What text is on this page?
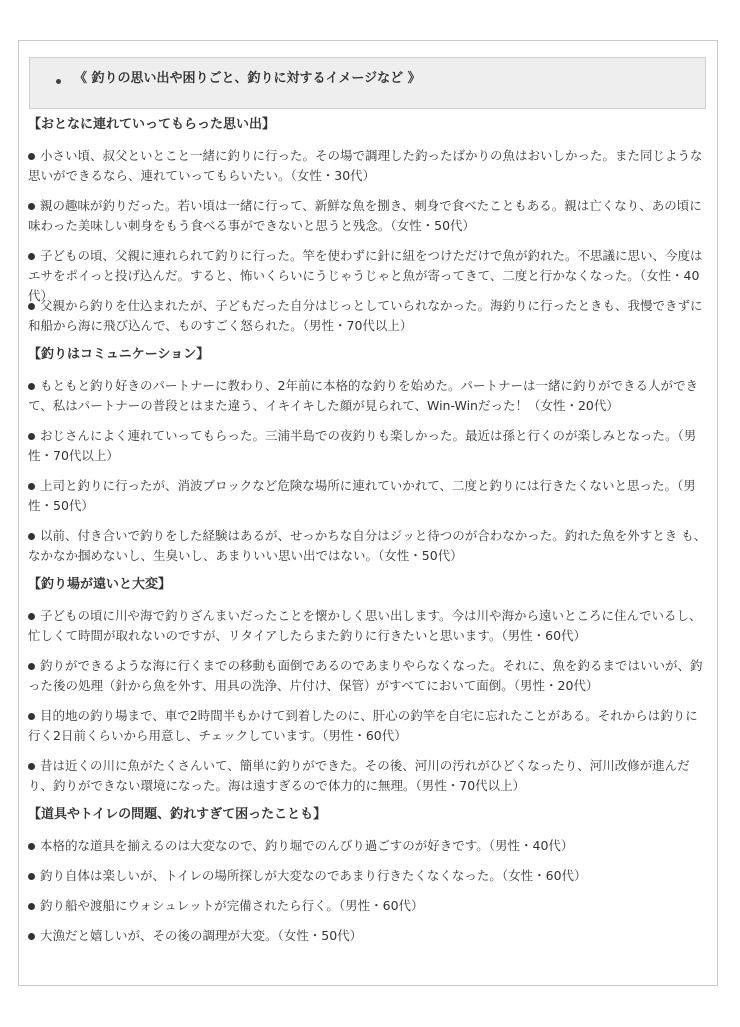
《 釣りの思い出や困りごと、釣りに対するイメージなど 》
【おとなに連れていってもらった思い出】

小さい頃、叔父といとこと一緒に釣りに行った。その場で調理した釣ったばかりの魚はおいしかった。また同じような思いができるなら、連れていってもらいたい。（女性・30代）

親の趣味が釣りだった。若い頃は一緒に行って、新鮮な魚を捌き、刺身で食べたこともある。親は亡くなり、あの頃に味わった美味しい刺身をもう食べる事ができないと思うと残念。（女性・50代）

子どもの頃、父親に連れられて釣りに行った。竿を使わずに針に紐をつけただけで魚が釣れた。不思議に思い、今度はエサをポイっと投げ込んだ。すると、怖いくらいにうじゃうじゃと魚が寄ってきて、二度と行かなくなった。（女性・40代）

父親から釣りを仕込まれたが、子どもだった自分はじっとしていられなかった。海釣りに行ったときも、我慢できずに和船から海に飛び込んで、ものすごく怒られた。（男性・70代以上）

【釣りはコミュニケーション】

もともと釣り好きのパートナーに教わり、2年前に本格的な釣りを始めた。パートナーは一緒に釣りができる人ができて、私はパートナーの普段とはまた違う、イキイキした顔が見られて、Win-Winだった！（女性・20代）

おじさんによく連れていってもらった。三浦半島での夜釣りも楽しかった。最近は孫と行くのが楽しみとなった。（男性・70代以上）

上司と釣りに行ったが、消波ブロックなど危険な場所に連れていかれて、二度と釣りには行きたくないと思った。（男性・50代）

以前、付き合いで釣りをした経験はあるが、せっかちな自分はジッと待つのが合わなかった。釣れた魚を外すとき も、なかなか掴めないし、生臭いし、あまりいい思い出ではない。（女性・50代）

【釣り場が遠いと大変】

子どもの頃に川や海で釣りざんまいだったことを懐かしく思い出します。今は川や海から遠いところに住んでいるし、忙しくて時間が取れないのですが、リタイアしたらまた釣りに行きたいと思います。（男性・60代）

釣りができるような海に行くまでの移動も面倒であるのであまりやらなくなった。それに、魚を釣るまではいいが、釣った後の処理（針から魚を外す、用具の洗浄、片付け、保管）がすべてにおいて面倒。（男性・20代）

目的地の釣り場まで、車で2時間半もかけて到着したのに、肝心の釣竿を自宅に忘れたことがある。それからは釣りに行く2日前くらいから用意し、チェックしています。（男性・60代）

昔は近くの川に魚がたくさんいて、簡単に釣りができた。その後、河川の汚れがひどくなったり、河川改修が進んだり、釣りができない環境になった。海は遠すぎるので体力的に無理。（男性・70代以上）

【道具やトイレの問題、釣れすぎて困ったことも】

本格的な道具を揃えるのは大変なので、釣り堀でのんびり過ごすのが好きです。（男性・40代）

釣り自体は楽しいが、トイレの場所探しが大変なのであまり行きたくなくなった。（女性・60代）

釣り船や渡船にウォシュレットが完備されたら行く。（男性・60代）

大漁だと嬉しいが、その後の調理が大変。（女性・50代）
